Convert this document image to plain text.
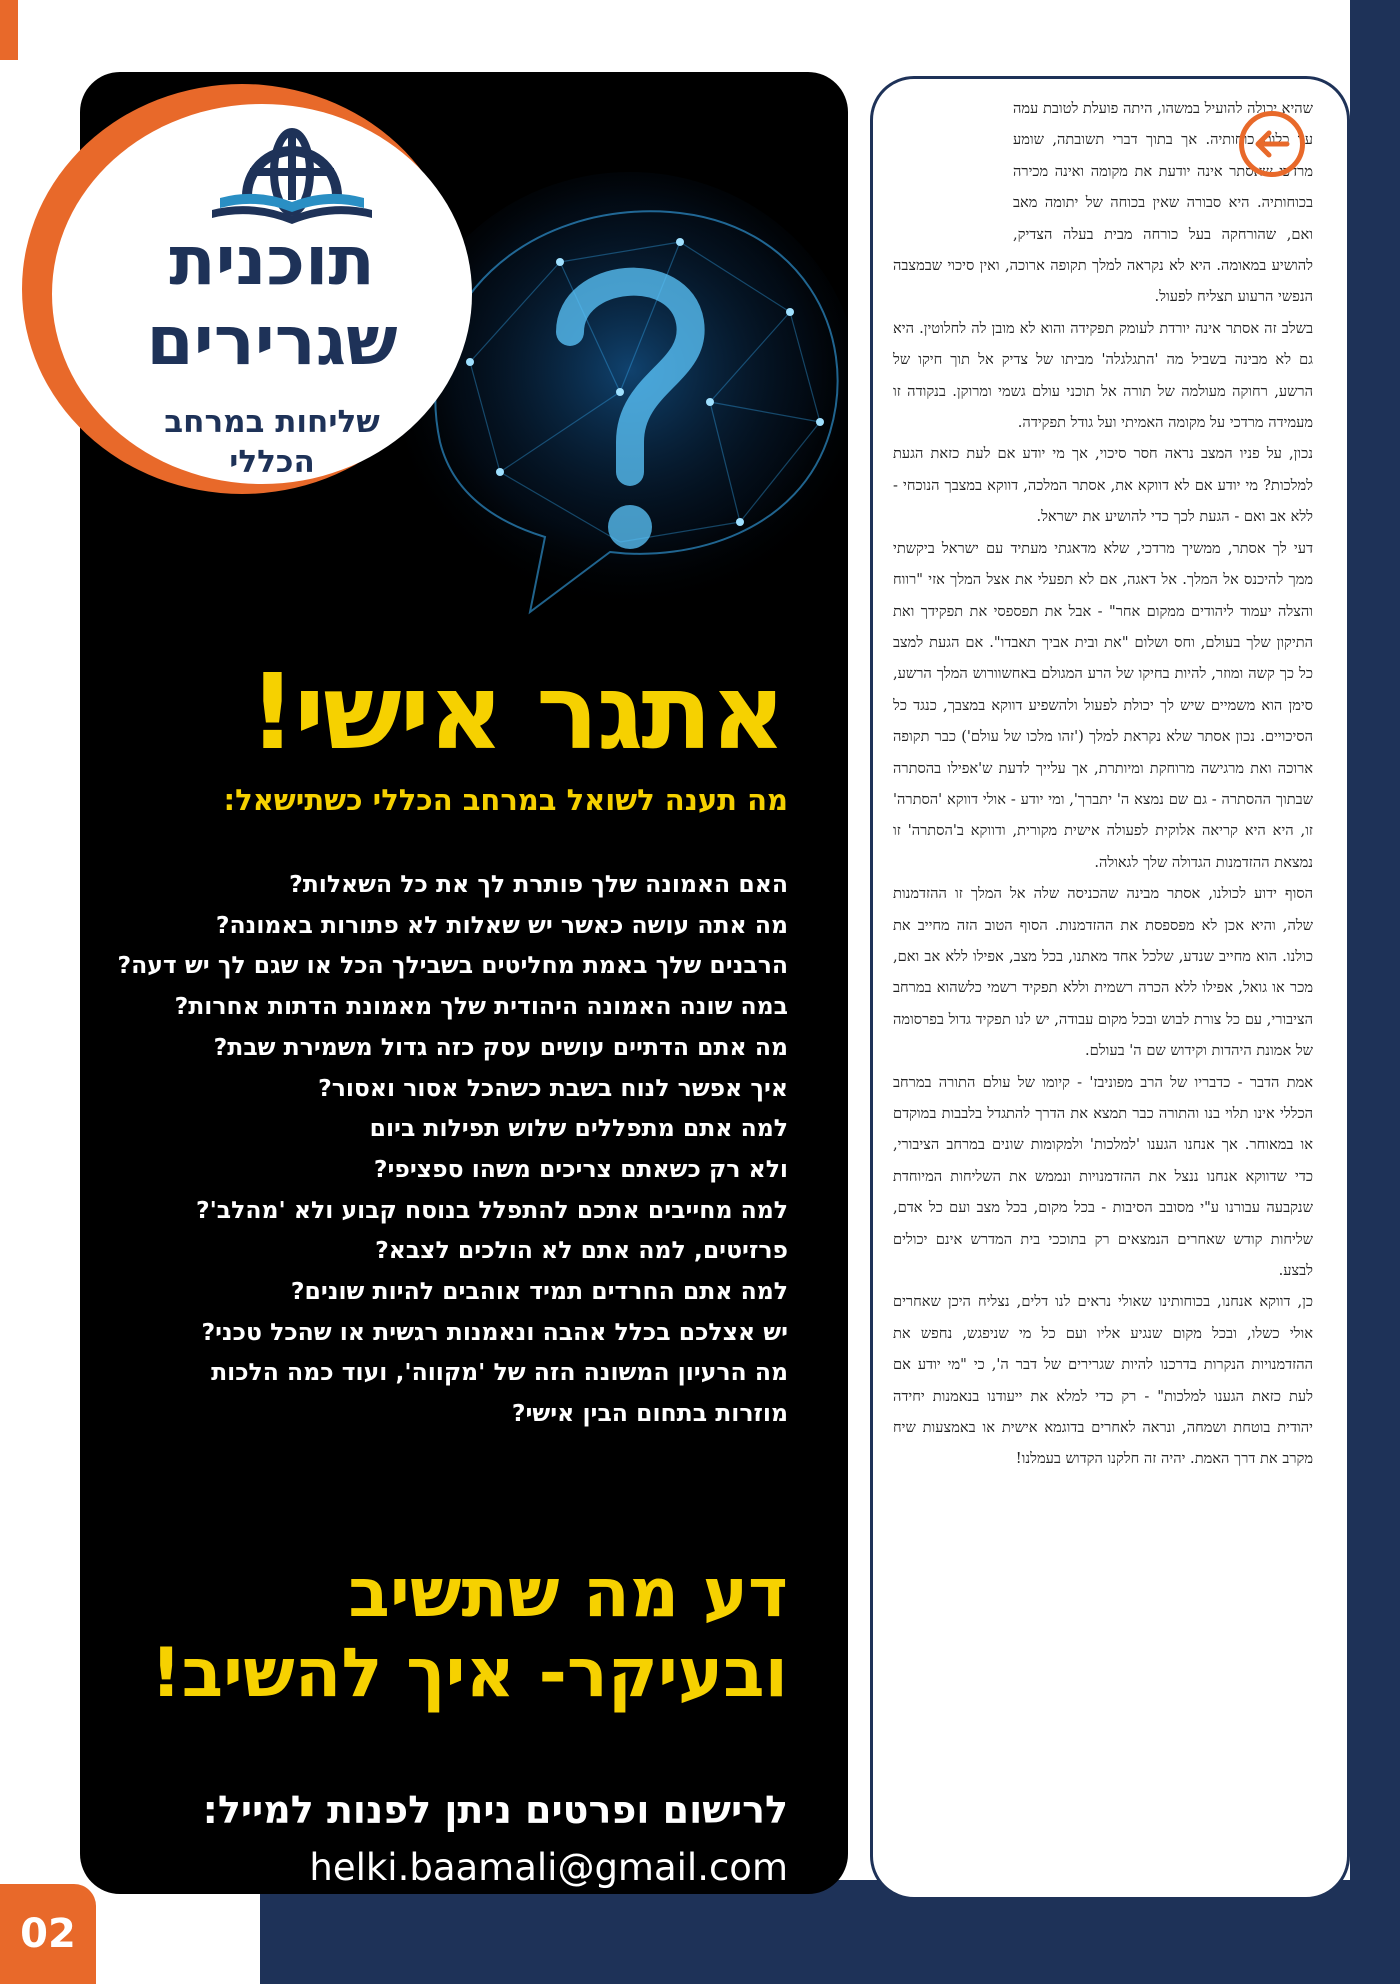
שהיא יכולה להועיל במשהו, היתה פועלת לטובת עמה עד כלות כוחותיה. אך בתוך דברי תשובתה, שומע מרדכי שאסתר אינה יודעת את מקומה ואינה מכירה בכוחותיה. היא סבורה שאין בכוחה של יתומה מאב ואם, שהורחקה בעל כורחה מבית בעלה הצדיק, להושיע במאומה. היא לא נקראה למלך תקופה ארוכה, ואין סיכוי שבמצבה הנפשי הרעוע תצליח לפעול.

בשלב זה אסתר אינה יורדת לעומק תפקידה והוא לא מובן לה לחלוטין. היא גם לא מבינה בשביל מה 'התגלגלה' מביתו של צדיק אל תוך חיקו של הרשע, רחוקה מעולמה של תורה אל תוכני עולם גשמי ומרוקן. בנקודה זו מעמידה מרדכי על מקומה האמיתי ועל גודל תפקידה.

נכון, על פניו המצב נראה חסר סיכוי, אך מי יודע אם לעת כזאת הגעת למלכות? מי יודע אם לא דווקא את, אסתר המלכה, דווקא במצבך הנוכחי - ללא אב ואם - הגעת לכך כדי להושיע את ישראל.

דעי לך אסתר, ממשיך מרדכי, שלא מדאגתי מעתיד עם ישראל ביקשתי ממך להיכנס אל המלך. אל דאגה, אם לא תפעלי את אצל המלך אזי "רווח והצלה יעמוד ליהודים ממקום אחר" - אבל את תפספסי את תפקידך ואת התיקון שלך בעולם, וחס ושלום "את ובית אביך תאבדו". אם הגעת למצב כל כך קשה ומוזר, להיות בחיקו של הרע המגולם באחשוורוש המלך הרשע, סימן הוא משמיים שיש לך יכולת לפעול ולהשפיע דווקא במצבך, כנגד כל הסיכויים. נכון אסתר שלא נקראת למלך ('זהו מלכו של עולם') כבר תקופה ארוכה ואת מרגישה מרוחקת ומיותרת, אך עלייך לדעת ש'אפילו בהסתרה שבתוך ההסתרה - גם שם נמצא ה' יתברך', ומי יודע - אולי דווקא 'הסתרה' זו, היא היא קריאה אלוקית לפעולה אישית מקורית, ודווקא ב'הסתרה' זו נמצאת ההזדמנות הגדולה שלך לגאולה.

הסוף ידוע לכולנו, אסתר מבינה שהכניסה שלה אל המלך זו ההזדמנות שלה, והיא אכן לא מפספסת את ההזדמנות. הסוף הטוב הזה מחייב את כולנו. הוא מחייב שנדע, שלכל אחד מאתנו, בכל מצב, אפילו ללא אב ואם, מכר או גואל, אפילו ללא הכרה רשמית וללא תפקיד רשמי כלשהוא במרחב הציבורי, עם כל צורת לבוש ובכל מקום עבודה, יש לנו תפקיד גדול בפרסומה של אמונת היהדות וקידוש שם ה' בעולם.

אמת הדבר - כדבריו של הרב מפוניבז' - קיומו של עולם התורה במרחב הכללי אינו תלוי בנו והתורה כבר תמצא את הדרך להתגדל בלבבות במוקדם או במאוחר. אך אנחנו הגענו 'למלכות' ולמקומות שונים במרחב הציבורי, כדי שדווקא אנחנו ננצל את ההזדמנויות ונממש את השליחות המיוחדת שנקבעה עבורנו ע"י מסובב הסיבות - בכל מקום, בכל מצב ועם כל אדם, שליחות קודש שאחרים הנמצאים רק בתוככי בית המדרש אינם יכולים לבצע.

כן, דווקא אנחנו, בכוחותינו שאולי נראים לנו דלים, נצליח היכן שאחרים אולי כשלו, ובכל מקום שנגיע אליו ועם כל מי שניפגש, נחפש את ההזדמנויות הנקרות בדרכנו להיות שגרירים של דבר ה', כי "מי יודע אם לעת כזאת הגענו למלכות" - רק כדי למלא את ייעודנו בנאמנות יחידה יהודית בוטחת ושמחה, ונראה לאחרים בדוגמא אישית או באמצעות שיח מקרב את דרך האמת. יהיה זה חלקנו הקדוש בעמלנו!

אתגר אישי!
מה תענה לשואל במרחב הכללי כשתישאל:
האם האמונה שלך פותרת לך את כל השאלות?
מה אתה עושה כאשר יש שאלות לא פתורות באמונה?
הרבנים שלך באמת מחליטים בשבילך הכל או שגם לך יש דעה?
במה שונה האמונה היהודית שלך מאמונת הדתות אחרות?
מה אתם הדתיים עושים עסק כזה גדול משמירת שבת?
איך אפשר לנוח בשבת כשהכל אסור ואסור?
למה אתם מתפללים שלוש תפילות ביום
ולא רק כשאתם צריכים משהו ספציפי?
למה מחייבים אתכם להתפלל בנוסח קבוע ולא 'מהלב'?
פרזיטים, למה אתם לא הולכים לצבא?
למה אתם החרדים תמיד אוהבים להיות שונים?
יש אצלכם בכלל אהבה ונאמנות רגשית או שהכל טכני?
מה הרעיון המשונה הזה של 'מקווה', ועוד כמה הלכות
מוזרות בתחום הבין אישי?
דע מה שתשיב
ובעיקר- איך להשיב!
לרישום ופרטים ניתן לפנות למייל:
helki.baamali@gmail.com
תוכנית
שגרירים
שליחות במרחב
הכללי
02
